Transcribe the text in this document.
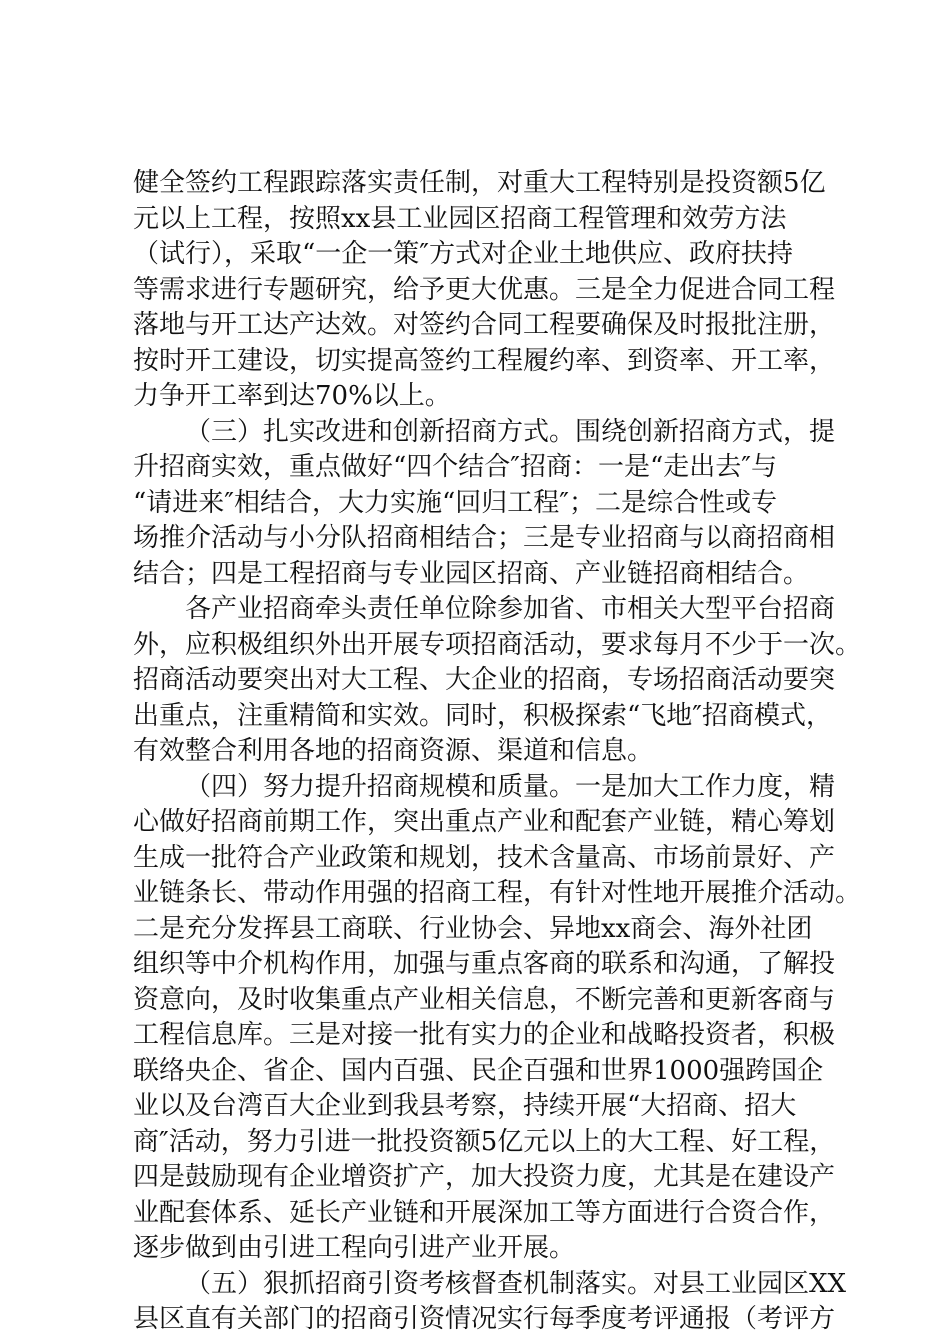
健全签约工程跟踪落实责任制，对重大工程特别是投资额5亿
元以上工程，按照xx县工业园区招商工程管理和效劳方法
（试行），采取“一企一策″方式对企业土地供应、政府扶持
等需求进行专题研究，给予更大优惠。三是全力促进合同工程
落地与开工达产达效。对签约合同工程要确保及时报批注册，
按时开工建设，切实提高签约工程履约率、到资率、开工率，
力争开工率到达70%以上。
（三）扎实改进和创新招商方式。围绕创新招商方式，提
升招商实效，重点做好“四个结合″招商：一是“走出去″与
“请进来″相结合，大力实施“回归工程″；二是综合性或专
场推介活动与小分队招商相结合；三是专业招商与以商招商相
结合；四是工程招商与专业园区招商、产业链招商相结合。
各产业招商牵头责任单位除参加省、市相关大型平台招商
外，应积极组织外出开展专项招商活动，要求每月不少于一次。
招商活动要突出对大工程、大企业的招商，专场招商活动要突
出重点，注重精简和实效。同时，积极探索“飞地″招商模式，
有效整合利用各地的招商资源、渠道和信息。
（四）努力提升招商规模和质量。一是加大工作力度，精
心做好招商前期工作，突出重点产业和配套产业链，精心筹划
生成一批符合产业政策和规划，技术含量高、市场前景好、产
业链条长、带动作用强的招商工程，有针对性地开展推介活动。
二是充分发挥县工商联、行业协会、异地xx商会、海外社团
组织等中介机构作用，加强与重点客商的联系和沟通，了解投
资意向，及时收集重点产业相关信息，不断完善和更新客商与
工程信息库。三是对接一批有实力的企业和战略投资者，积极
联络央企、省企、国内百强、民企百强和世界1000强跨国企
业以及台湾百大企业到我县考察，持续开展“大招商、招大
商″活动，努力引进一批投资额5亿元以上的大工程、好工程，
四是鼓励现有企业增资扩产，加大投资力度，尤其是在建设产
业配套体系、延长产业链和开展深加工等方面进行合资合作，
逐步做到由引进工程向引进产业开展。
（五）狠抓招商引资考核督查机制落实。对县工业园区XX
县区直有关部门的招商引资情况实行每季度考评通报（考评方
